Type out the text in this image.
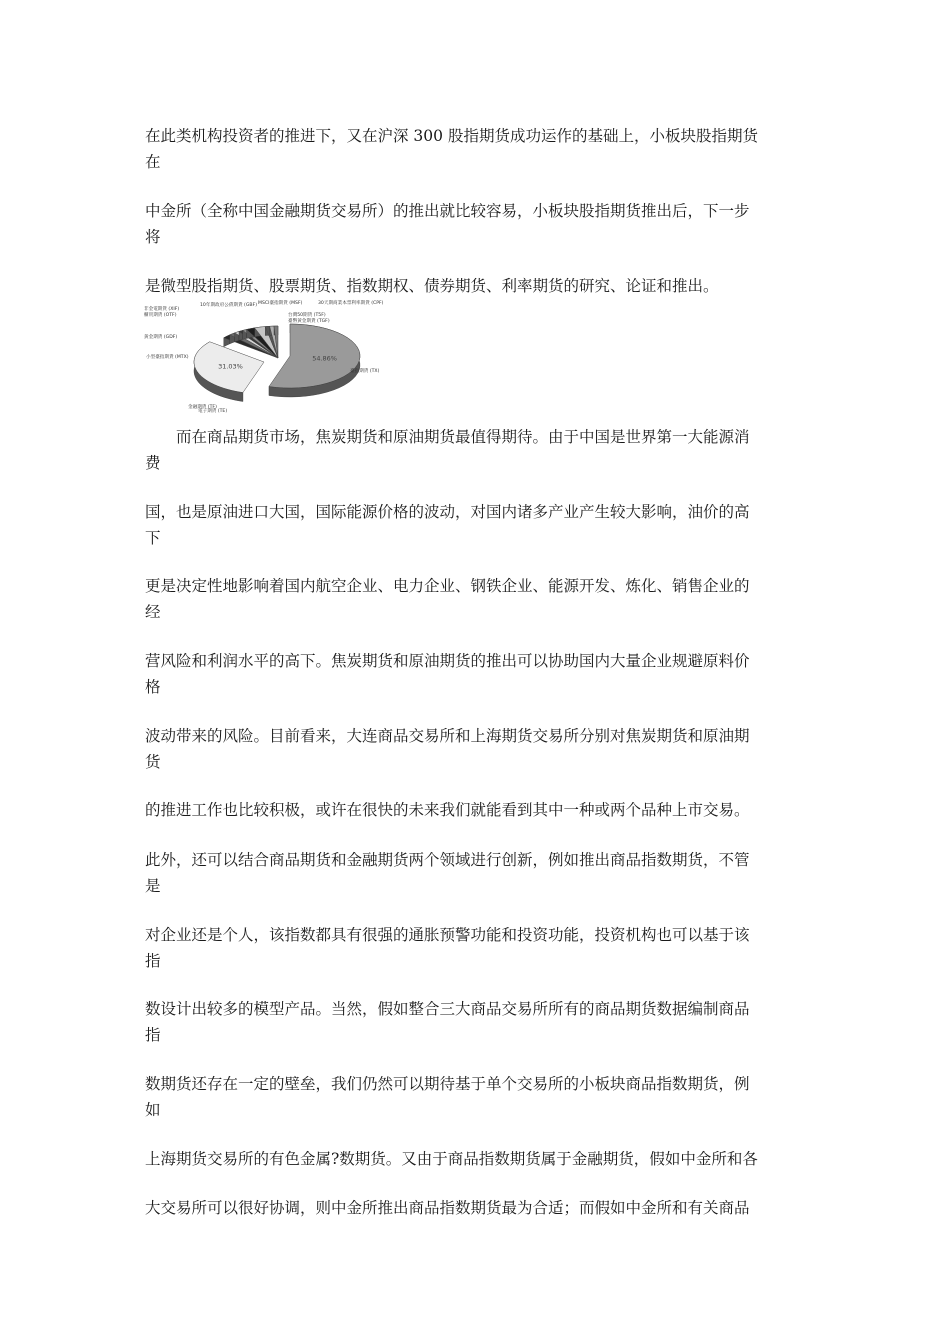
在此类机构投资者的推进下，又在沪深 300 股指期货成功运作的基础上，小板块股指期货
在
中金所（全称中国金融期货交易所）的推出就比较容易，小板块股指期货推出后，下一步
将
是微型股指期货、股票期货、指数期权、债券期货、利率期货的研究、论证和推出。
54.86%
31.03%
臺指期貨 (TX)
小型臺指期貨 (MTX)
電子期貨 (TE)
金融期貨 (TF)
黃金期貨 (GDF)
櫃買期貨 (OTF)
非金電期貨 (XIF)
10年期政府公債期貨 (GBF) MSCI臺指期貨 (MSF)	30天期商業本票利率期貨 (CPF)
台灣50期貨 (T5F)
臺幣黃金期貨 (TGF)
　　而在商品期货市场，焦炭期货和原油期货最值得期待。由于中国是世界第一大能源消
费
国，也是原油进口大国，国际能源价格的波动，对国内诸多产业产生较大影响，油价的高
下
更是决定性地影响着国内航空企业、电力企业、钢铁企业、能源开发、炼化、销售企业的
经
营风险和利润水平的高下。焦炭期货和原油期货的推出可以协助国内大量企业规避原料价
格
波动带来的风险。目前看来，大连商品交易所和上海期货交易所分别对焦炭期货和原油期
货
的推进工作也比较积极，或许在很快的未来我们就能看到其中一种或两个品种上市交易。
此外，还可以结合商品期货和金融期货两个领域进行创新，例如推出商品指数期货，不管
是
对企业还是个人，该指数都具有很强的通胀预警功能和投资功能，投资机构也可以基于该
指
数设计出较多的模型产品。当然，假如整合三大商品交易所所有的商品期货数据编制商品
指
数期货还存在一定的壁垒，我们仍然可以期待基于单个交易所的小板块商品指数期货，例
如
上海期货交易所的有色金属?数期货。又由于商品指数期货属于金融期货，假如中金所和各
大交易所可以很好协调，则中金所推出商品指数期货最为合适；而假如中金所和有关商品
